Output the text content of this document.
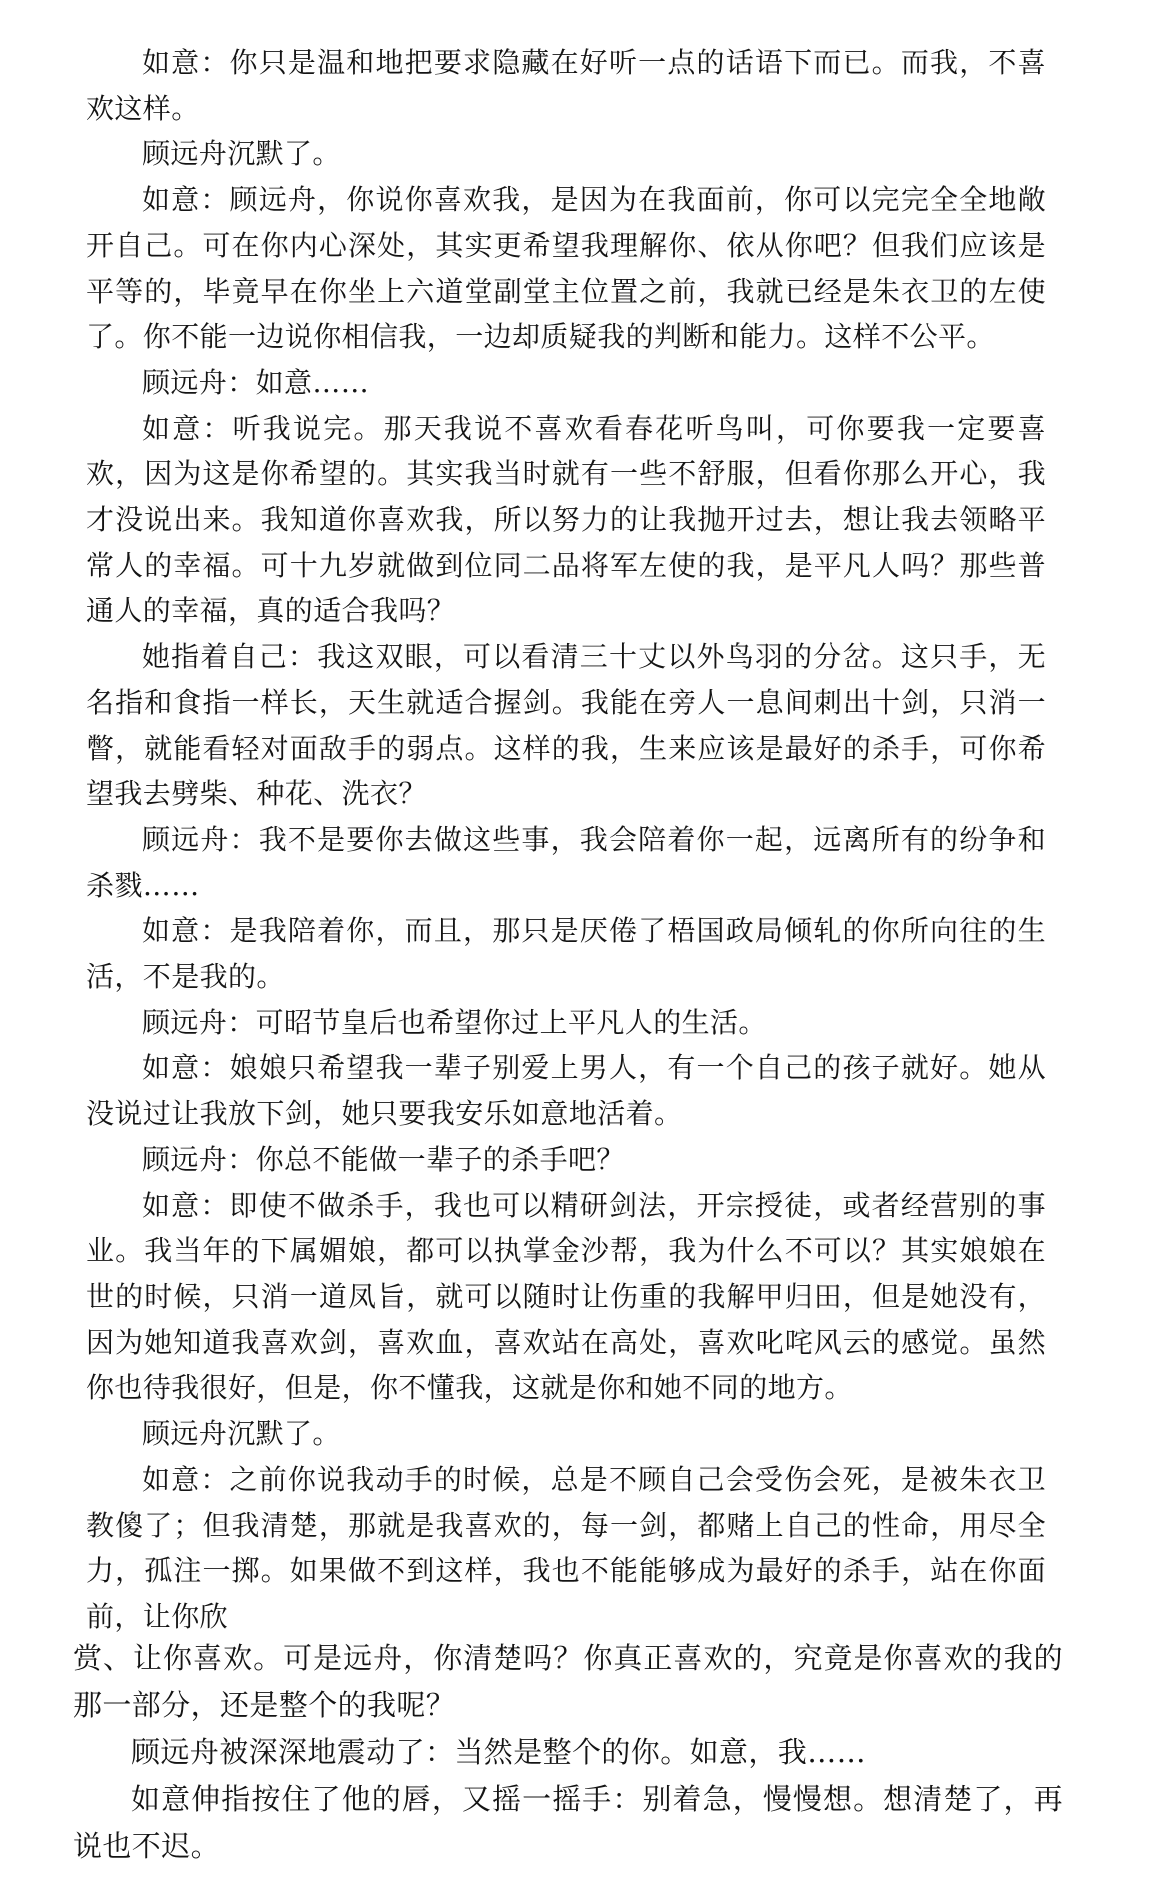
如意：你只是温和地把要求隐藏在好听一点的话语下而已。而我，不喜欢这样。

顾远舟沉默了。

如意：顾远舟，你说你喜欢我，是因为在我面前，你可以完完全全地敞开自己。可在你内心深处，其实更希望我理解你、依从你吧？但我们应该是平等的，毕竟早在你坐上六道堂副堂主位置之前，我就已经是朱衣卫的左使了。你不能一边说你相信我，一边却质疑我的判断和能力。这样不公平。

顾远舟：如意……

如意：听我说完。那天我说不喜欢看春花听鸟叫，可你要我一定要喜欢，因为这是你希望的。其实我当时就有一些不舒服，但看你那么开心，我才没说出来。我知道你喜欢我，所以努力的让我抛开过去，想让我去领略平常人的幸福。可十九岁就做到位同二品将军左使的我，是平凡人吗？那些普通人的幸福，真的适合我吗？

她指着自己：我这双眼，可以看清三十丈以外鸟羽的分岔。这只手，无名指和食指一样长，天生就适合握剑。我能在旁人一息间刺出十剑，只消一瞥，就能看轻对面敌手的弱点。这样的我，生来应该是最好的杀手，可你希望我去劈柴、种花、洗衣？

顾远舟：我不是要你去做这些事，我会陪着你一起，远离所有的纷争和杀戮……

如意：是我陪着你，而且，那只是厌倦了梧国政局倾轧的你所向往的生活，不是我的。

顾远舟：可昭节皇后也希望你过上平凡人的生活。

如意：娘娘只希望我一辈子别爱上男人，有一个自己的孩子就好。她从没说过让我放下剑，她只要我安乐如意地活着。

顾远舟：你总不能做一辈子的杀手吧？

如意：即使不做杀手，我也可以精研剑法，开宗授徒，或者经营别的事业。我当年的下属媚娘，都可以执掌金沙帮，我为什么不可以？其实娘娘在世的时候，只消一道凤旨，就可以随时让伤重的我解甲归田，但是她没有，因为她知道我喜欢剑，喜欢血，喜欢站在高处，喜欢叱咤风云的感觉。虽然你也待我很好，但是，你不懂我，这就是你和她不同的地方。

顾远舟沉默了。

如意：之前你说我动手的时候，总是不顾自己会受伤会死，是被朱衣卫教傻了；但我清楚，那就是我喜欢的，每一剑，都赌上自己的性命，用尽全力，孤注一掷。如果做不到这样，我也不能能够成为最好的杀手，站在你面前，让你欣

赏、让你喜欢。可是远舟，你清楚吗？你真正喜欢的，究竟是你喜欢的我的那一部分，还是整个的我呢？

顾远舟被深深地震动了：当然是整个的你。如意，我……

如意伸指按住了他的唇，又摇一摇手：别着急，慢慢想。想清楚了，再说也不迟。
